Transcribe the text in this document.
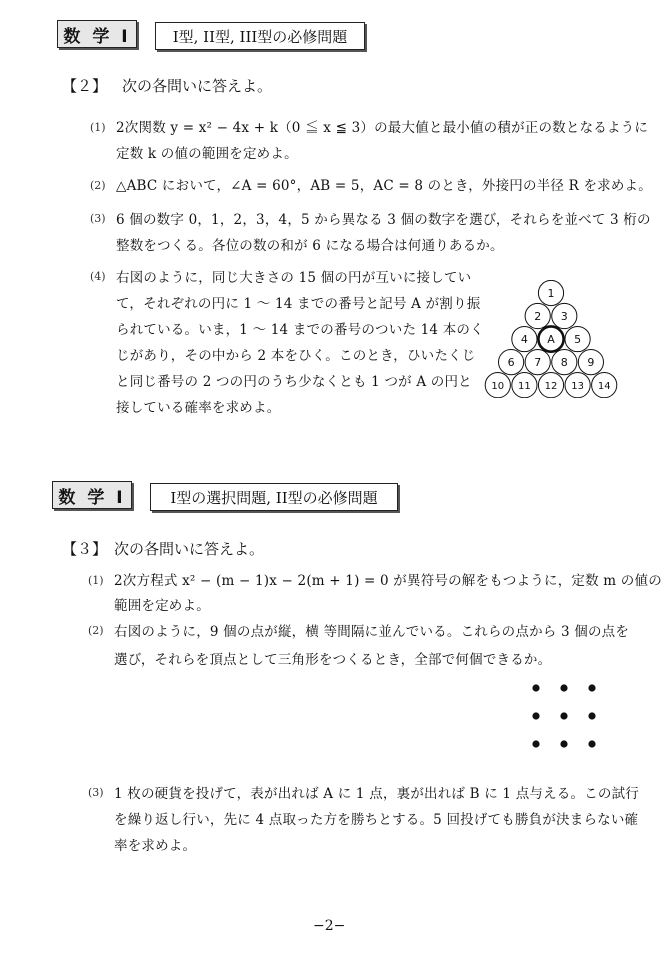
数 学 I	I型, II型, III型の必修問題
【２】 次の各問いに答えよ。
(1) 2次関数 y = x² − 4x + k（0 ≦ x ≦ 3）の最大値と最小値の積が正の数となるように
定数 k の値の範囲を定めよ。
(2) △ABC において，∠A = 60°，AB = 5，AC = 8 のとき，外接円の半径 R を求めよ。
(3) 6 個の数字 0，1，2，3，4，5 から異なる 3 個の数字を選び，それらを並べて 3 桁の
整数をつくる。各位の数の和が 6 になる場合は何通りあるか。
(4) 右図のように，同じ大きさの 15 個の円が互いに接してい
て，それぞれの円に 1 ～ 14 までの番号と記号 A が割り振
られている。いま，1 ～ 14 までの番号のついた 14 本のく
じがあり，その中から 2 本をひく。このとき，ひいたくじ
と同じ番号の 2 つの円のうち少なくとも 1 つが A の円と
接している確率を求めよ。
1
2 3
4 A 5
6 7 8 9
10 11 12 13 14
数 学 I	I型の選択問題, II型の必修問題
【３】 次の各問いに答えよ。
(1) 2次方程式 x² − (m − 1)x − 2(m + 1) = 0 が異符号の解をもつように，定数 m の値の
範囲を定めよ。
(2) 右図のように，9 個の点が縦，横 等間隔に並んでいる。これらの点から 3 個の点を
選び，それらを頂点として三角形をつくるとき，全部で何個できるか。
(3) 1 枚の硬貨を投げて，表が出れば A に 1 点，裏が出れば B に 1 点与える。この試行
を繰り返し行い，先に 4 点取った方を勝ちとする。5 回投げても勝負が決まらない確
率を求めよ。
−2−
